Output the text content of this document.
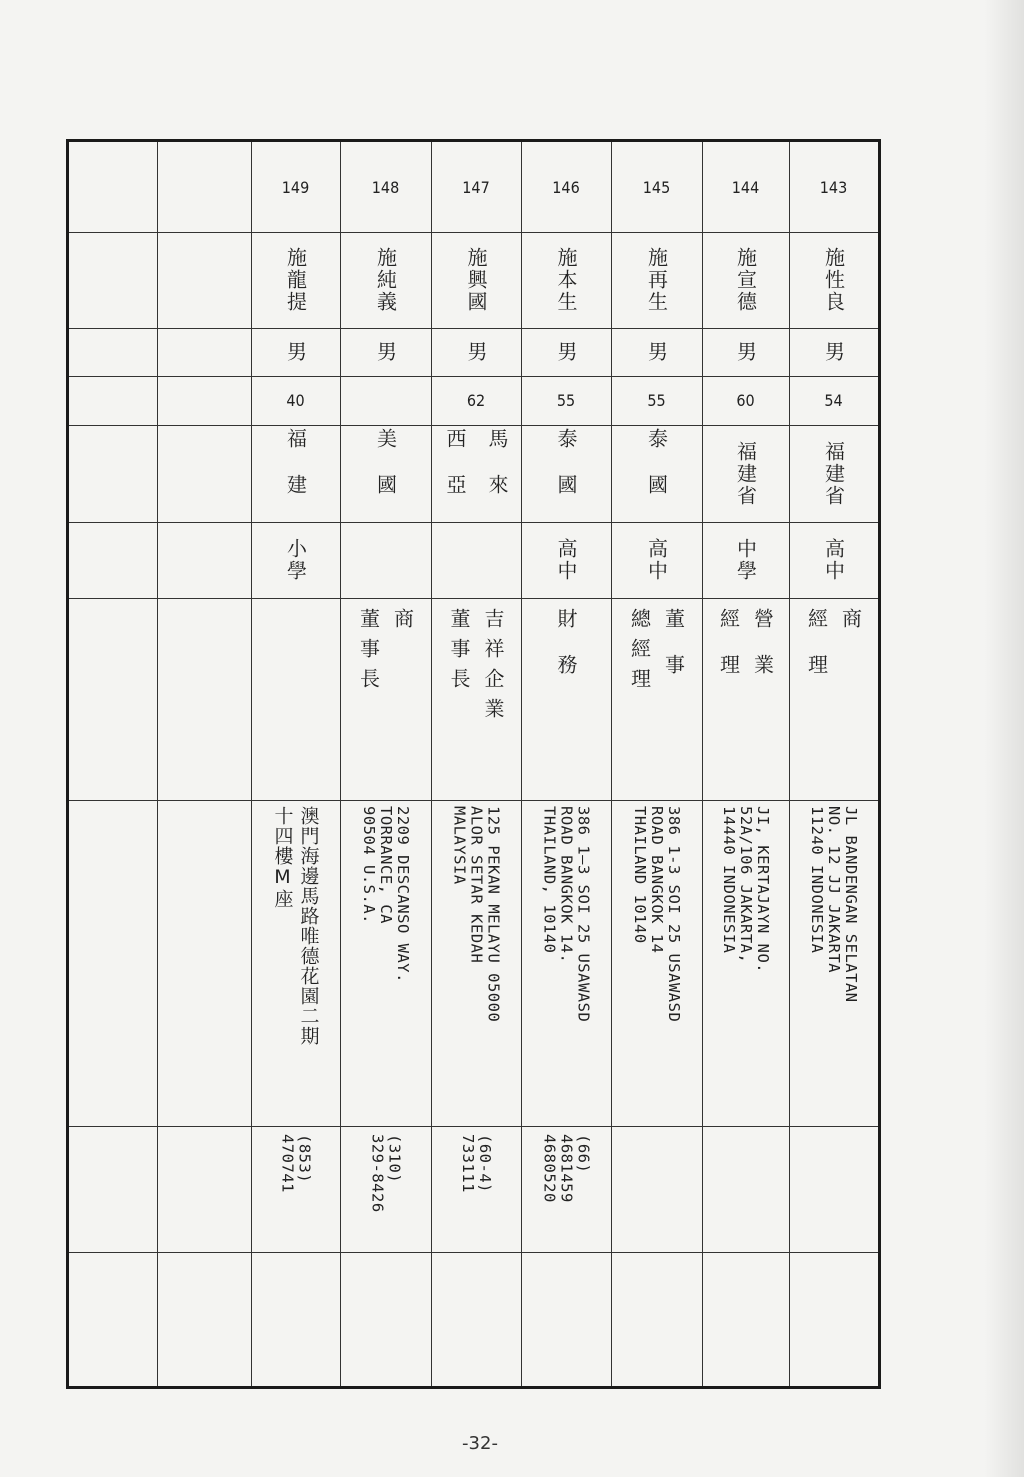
143
施性良
男
54
福建省
高中
商
經理
JL BANDENGAN SELATAN
NO. 12 JJ JAKARTA
11240 INDONESIA
144
施宣德
男
60
福建省
中學
營業
經理
JI, KERTAJAYN NO.
52A/106 JAKARTA,
14440 INDONESIA
145
施再生
男
55
泰國
高中
董事
總經理
386 1-3 SOI 25 USAWASD
ROAD BANGKOK 14
THAILAND 10140
146
施本生
男
55
泰國
高中
財務
386 1—3 SOI 25 USAWASD
ROAD BANGKOK 14.
THAILAND, 10140
(66)
4681459
4680520
147
施興國
男
62
馬來
西亞
吉祥企業
董事長
125 PEKAN MELAYU 05000
ALOR SETAR KEDAH
MALAYSIA
(60-4)
733111
148
施純義
男
美國
商
董事長
2209 DESCANSO WAY.
TORRANCE, CA
90504 U.S.A.
(310)
329-8426
149
施龍提
男
40
福建
小學
澳門海邊馬路唯德花園二期
十四樓M座
(853)
470741
-32-
